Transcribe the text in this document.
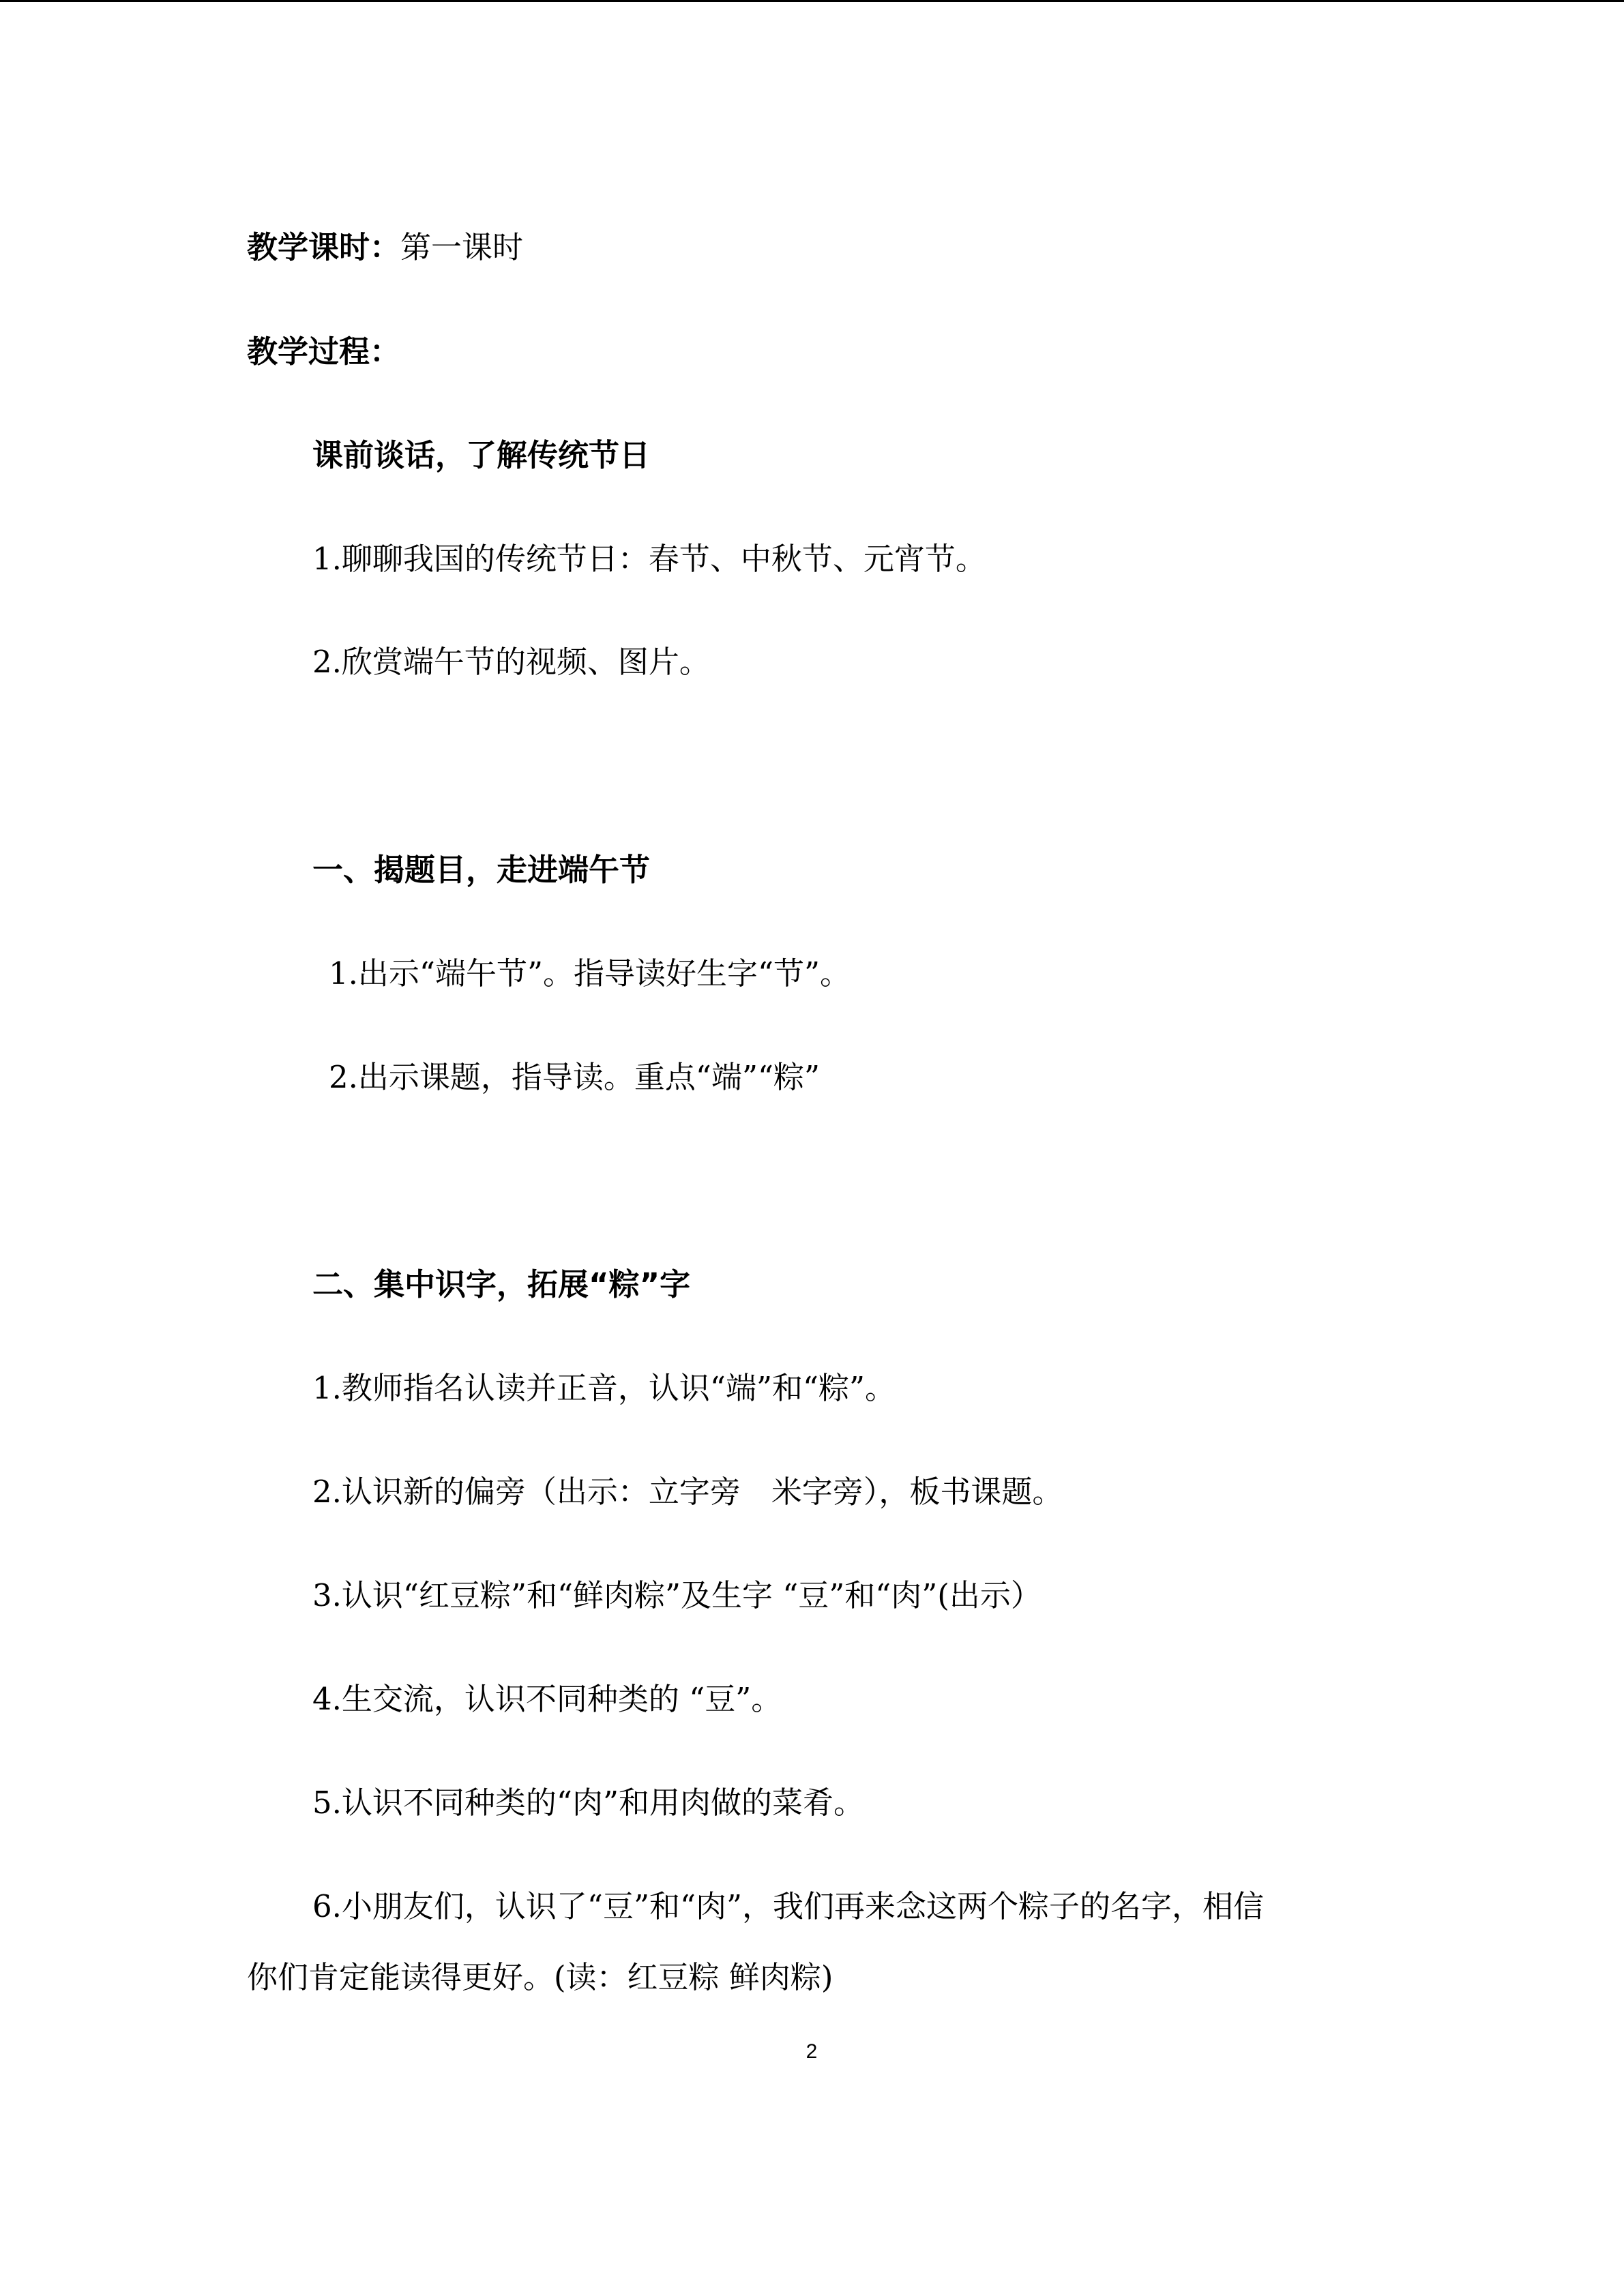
教学课时：第一课时
教学过程：
课前谈话，了解传统节日
1.聊聊我国的传统节日：春节、中秋节、元宵节。
2.欣赏端午节的视频、图片。
一、揭题目，走进端午节
1.出示“端午节”。指导读好生字“节”。
2.出示课题，指导读。重点“端”“粽”
二、集中识字，拓展“粽”字
1.教师指名认读并正音，认识“端”和“粽”。
2.认识新的偏旁（出示：立字旁　米字旁），板书课题。
3.认识“红豆粽”和“鲜肉粽”及生字 “豆”和“肉”(出示）
4.生交流，认识不同种类的 “豆”。
5.认识不同种类的“肉”和用肉做的菜肴。
6.小朋友们，认识了“豆”和“肉”，我们再来念这两个粽子的名字，相信
你们肯定能读得更好。(读：红豆粽 鲜肉粽)
2
